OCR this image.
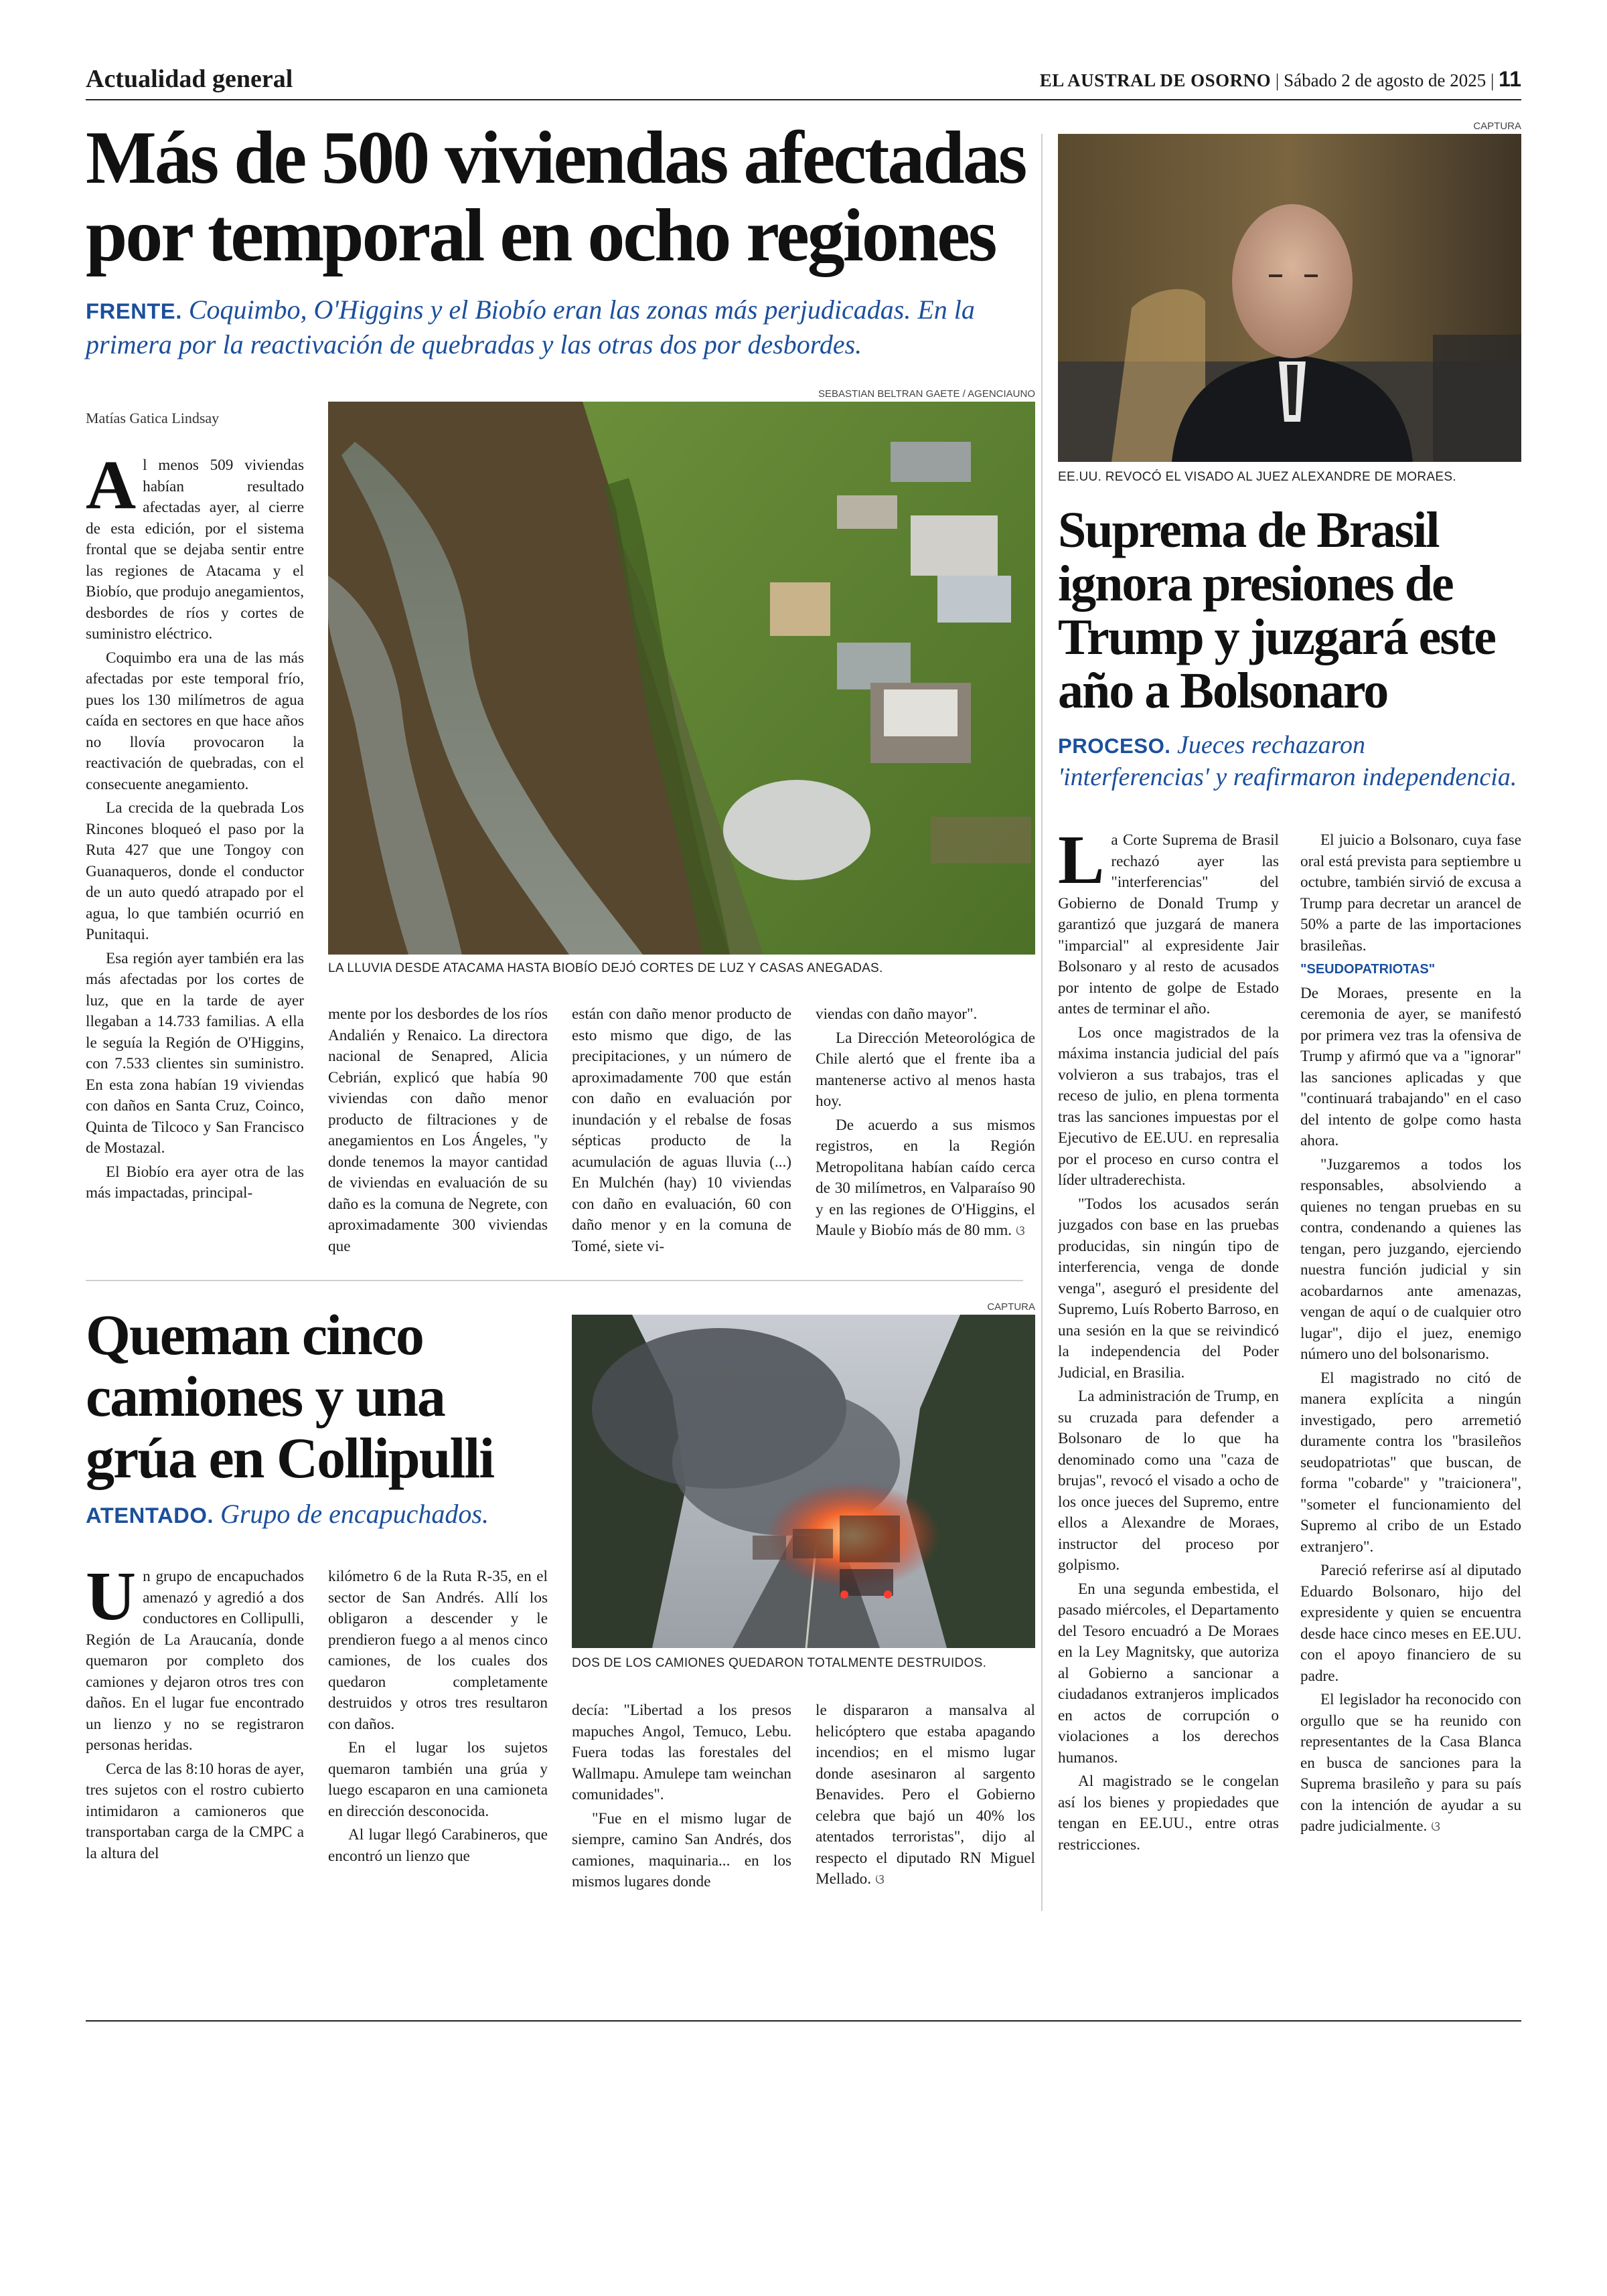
Actualidad general	EL AUSTRAL DE OSORNO | Sábado 2 de agosto de 2025 | 11
Más de 500 viviendas afectadas
por temporal en ocho regiones

FRENTE. Coquimbo, O'Higgins y el Biobío eran las zonas más perjudicadas. En la primera por la reactivación de quebradas y las otras dos por desbordes.

Matías Gatica Lindsay
SEBASTIAN BELTRAN GAETE / AGENCIAUNO
LA LLUVIA DESDE ATACAMA HASTA BIOBÍO DEJÓ CORTES DE LUZ Y CASAS ANEGADAS.
A l menos 509 viviendas habían resultado afectadas ayer, al cierre de esta edición, por el sistema frontal que se dejaba sentir entre las regiones de Atacama y el Biobío, que produjo anegamientos, desbordes de ríos y cortes de suministro eléctrico.

Coquimbo era una de las más afectadas por este temporal frío, pues los 130 milímetros de agua caída en sectores en que hace años no llovía provocaron la reactivación de quebradas, con el consecuente anegamiento.

La crecida de la quebrada Los Rincones bloqueó el paso por la Ruta 427 que une Tongoy con Guanaqueros, donde el conductor de un auto quedó atrapado por el agua, lo que también ocurrió en Punitaqui.

Esa región ayer también era las más afectadas por los cortes de luz, que en la tarde de ayer llegaban a 14.733 familias. A ella le seguía la Región de O'Higgins, con 7.533 clientes sin suministro. En esta zona habían 19 viviendas con daños en Santa Cruz, Coinco, Quinta de Tilcoco y San Francisco de Mostazal.

El Biobío era ayer otra de las más impactadas, principal-

mente por los desbordes de los ríos Andalién y Renaico. La directora nacional de Senapred, Alicia Cebrián, explicó que había 90 viviendas con daño menor producto de filtraciones y de anegamientos en Los Ángeles, "y donde tenemos la mayor cantidad de viviendas en evaluación de su daño es la comuna de Negrete, con aproximadamente 300 viviendas que

están con daño menor producto de esto mismo que digo, de las precipitaciones, y un número de aproximadamente 700 que están con daño en evaluación por inundación y el rebalse de fosas sépticas producto de la acumulación de aguas lluvia (...) En Mulchén (hay) 10 viviendas con daño en evaluación, 60 con daño menor y en la comuna de Tomé, siete vi-

viendas con daño mayor".

La Dirección Meteorológica de Chile alertó que el frente iba a mantenerse activo al menos hasta hoy.

De acuerdo a sus mismos registros, en la Región Metropolitana habían caído cerca de 30 milímetros, en Valparaíso 90 y en las regiones de O'Higgins, el Maule y Biobío más de 80 mm. ଓ

Queman cinco camiones y una grúa en Collipulli

ATENTADO. Grupo de encapuchados.

CAPTURA
DOS DE LOS CAMIONES QUEDARON TOTALMENTE DESTRUIDOS.
U n grupo de encapuchados amenazó y agredió a dos conductores en Collipulli, Región de La Araucanía, donde quemaron por completo dos camiones y dejaron otros tres con daños. En el lugar fue encontrado un lienzo y no se registraron personas heridas.

Cerca de las 8:10 horas de ayer, tres sujetos con el rostro cubierto intimidaron a camioneros que transportaban carga de la CMPC a la altura del

kilómetro 6 de la Ruta R-35, en el sector de San Andrés. Allí los obligaron a descender y le prendieron fuego a al menos cinco camiones, de los cuales dos quedaron completamente destruidos y otros tres resultaron con daños.

En el lugar los sujetos quemaron también una grúa y luego escaparon en una camioneta en dirección desconocida.

Al lugar llegó Carabineros, que encontró un lienzo que

decía: "Libertad a los presos mapuches Angol, Temuco, Lebu. Fuera todas las forestales del Wallmapu. Amulepe tam weinchan comunidades".

"Fue en el mismo lugar de siempre, camino San Andrés, dos camiones, maquinaria... en los mismos lugares donde

le dispararon a mansalva al helicóptero que estaba apagando incendios; en el mismo lugar donde asesinaron al sargento Benavides. Pero el Gobierno celebra que bajó un 40% los atentados terroristas", dijo al respecto el diputado RN Miguel Mellado. ଓ

CAPTURA
EE.UU. REVOCÓ EL VISADO AL JUEZ ALEXANDRE DE MORAES.
Suprema de Brasil ignora presiones de Trump y juzgará este año a Bolsonaro

PROCESO. Jueces rechazaron 'interferencias' y reafirmaron independencia.

L a Corte Suprema de Brasil rechazó ayer las "interferencias" del Gobierno de Donald Trump y garantizó que juzgará de manera "imparcial" al expresidente Jair Bolsonaro y al resto de acusados por intento de golpe de Estado antes de terminar el año.

Los once magistrados de la máxima instancia judicial del país volvieron a sus trabajos, tras el receso de julio, en plena tormenta tras las sanciones impuestas por el Ejecutivo de EE.UU. en represalia por el proceso en curso contra el líder ultraderechista.

"Todos los acusados serán juzgados con base en las pruebas producidas, sin ningún tipo de interferencia, venga de donde venga", aseguró el presidente del Supremo, Luís Roberto Barroso, en una sesión en la que se reivindicó la independencia del Poder Judicial, en Brasilia.

La administración de Trump, en su cruzada para defender a Bolsonaro de lo que ha denominado como una "caza de brujas", revocó el visado a ocho de los once jueces del Supremo, entre ellos a Alexandre de Moraes, instructor del proceso por golpismo.

En una segunda embestida, el pasado miércoles, el Departamento del Tesoro encuadró a De Moraes en la Ley Magnitsky, que autoriza al Gobierno a sancionar a ciudadanos extranjeros implicados en actos de corrupción o violaciones a los derechos humanos.

Al magistrado se le congelan así los bienes y propiedades que tengan en EE.UU., entre otras restricciones.

El juicio a Bolsonaro, cuya fase oral está prevista para septiembre u octubre, también sirvió de excusa a Trump para decretar un arancel de 50% a parte de las importaciones brasileñas.

"SEUDOPATRIOTAS"

De Moraes, presente en la ceremonia de ayer, se manifestó por primera vez tras la ofensiva de Trump y afirmó que va a "ignorar" las sanciones aplicadas y que "continuará trabajando" en el caso del intento de golpe como hasta ahora.

"Juzgaremos a todos los responsables, absolviendo a quienes no tengan pruebas en su contra, condenando a quienes las tengan, pero juzgando, ejerciendo nuestra función judicial y sin acobardarnos ante amenazas, vengan de aquí o de cualquier otro lugar", dijo el juez, enemigo número uno del bolsonarismo.

El magistrado no citó de manera explícita a ningún investigado, pero arremetió duramente contra los "brasileños seudopatriotas" que buscan, de forma "cobarde" y "traicionera", "someter el funcionamiento del Supremo al cribo de un Estado extranjero".

Pareció referirse así al diputado Eduardo Bolsonaro, hijo del expresidente y quien se encuentra desde hace cinco meses en EE.UU. con el apoyo financiero de su padre.

El legislador ha reconocido con orgullo que se ha reunido con representantes de la Casa Blanca en busca de sanciones para la Suprema brasileño y para su país con la intención de ayudar a su padre judicialmente. ଓ
